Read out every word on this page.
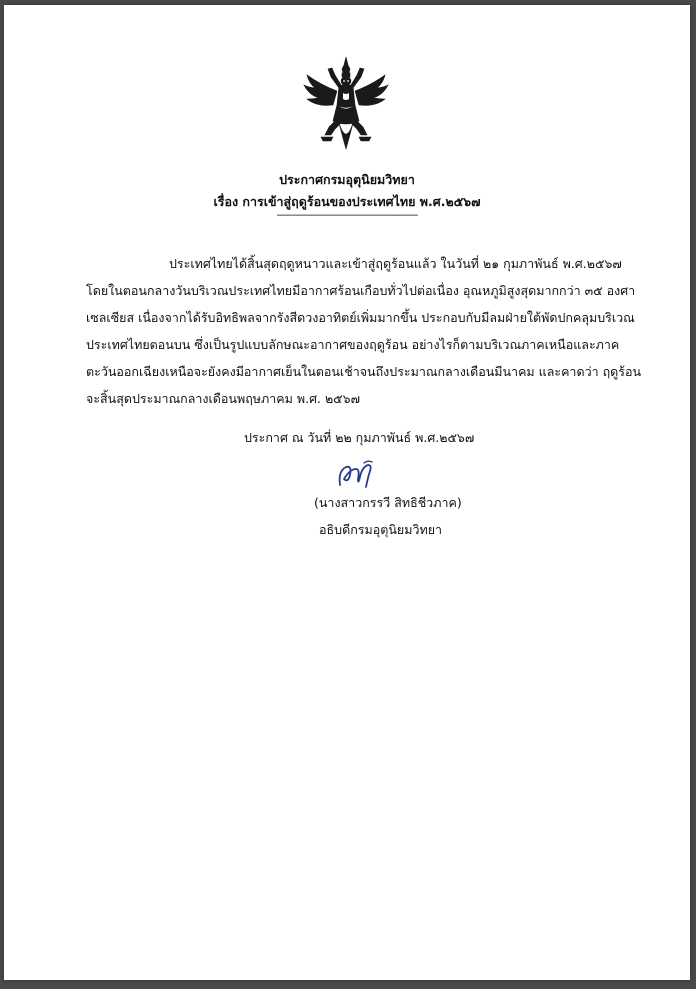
ประกาศกรมอุตุนิยมวิทยา
เรื่อง การเข้าสู่ฤดูร้อนของประเทศไทย พ.ศ.๒๕๖๗
------------------------------------------------------
ประเทศไทยได้สิ้นสุดฤดูหนาวและเข้าสู่ฤดูร้อนแล้ว ในวันที่ ๒๑ กุมภาพันธ์ พ.ศ.๒๕๖๗
โดยในตอนกลางวันบริเวณประเทศไทยมีอากาศร้อนเกือบทั่วไปต่อเนื่อง อุณหภูมิสูงสุดมากกว่า ๓๕ องศา
เซลเซียส เนื่องจากได้รับอิทธิพลจากรังสีดวงอาทิตย์เพิ่มมากขึ้น ประกอบกับมีลมฝ่ายใต้พัดปกคลุมบริเวณ
ประเทศไทยตอนบน ซึ่งเป็นรูปแบบลักษณะอากาศของฤดูร้อน อย่างไรก็ตามบริเวณภาคเหนือและภาค
ตะวันออกเฉียงเหนือจะยังคงมีอากาศเย็นในตอนเช้าจนถึงประมาณกลางเดือนมีนาคม และคาดว่า ฤดูร้อน
จะสิ้นสุดประมาณกลางเดือนพฤษภาคม พ.ศ. ๒๕๖๗
ประกาศ ณ วันที่ ๒๒ กุมภาพันธ์ พ.ศ.๒๕๖๗
(นางสาวกรรวี สิทธิชีวภาค)
อธิบดีกรมอุตุนิยมวิทยา
